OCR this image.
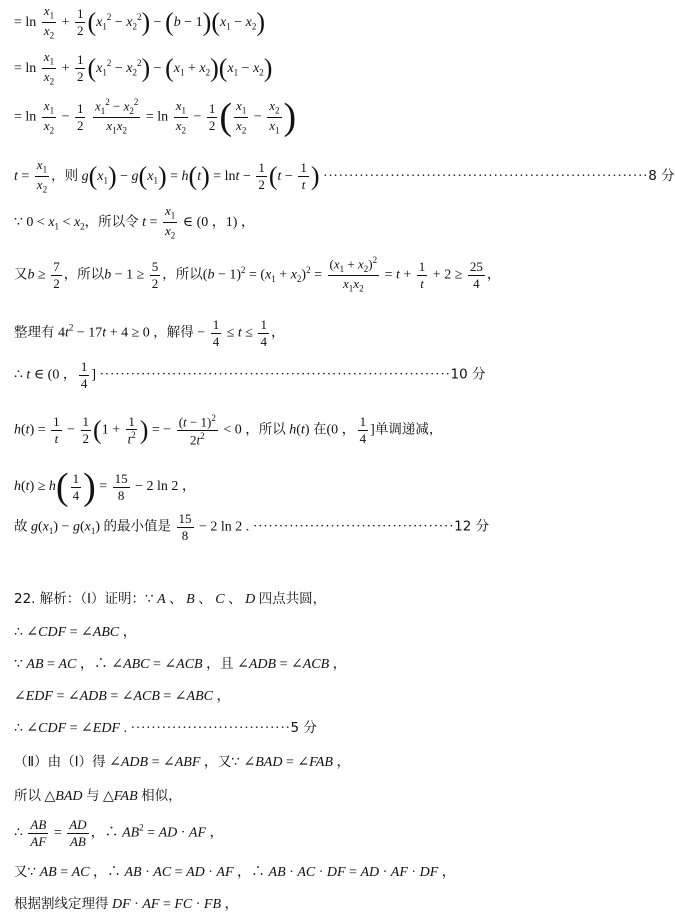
= $\ln \frac{x_1}{x_2} + \frac{1}{2} (x_1^2 - x_2^2) - (b - 1)(x_1 - x_2)$
= $\ln \frac{x_1}{x_2} + \frac{1}{2} (x_1^2 - x_2^2) - (x_1 + x_2)(x_1 - x_2)$
= $\ln \frac{x_1}{x_2} - \frac{1}{2}$
$\frac{x_1^2 - x_2^2}{x_1x_2} = \ln \frac{x_1}{x_2} - \frac{1}{2}$ ( $\frac{x_1}{x_2} - \frac{x_2}{x_1}$ )
$t = \frac{x_1}{x_2}$ ，则 $g(x_1) - g(x_1) = h(t) = \ln t - \frac{1}{2} (t - \frac{1}{t}$ ) ·······························································8 分
∵ $0 < x_1 < x_2$，所以令 $t = \frac{x_1}{x_2}$ ∈ (0 ，1) ，
又$b \ge \frac{7}{2}$ ，所以$b - 1 \ge \frac{5}{2}$ ，所以$(b - 1)^2 = (x_1 + x_2)^2 = \frac{(x_1 + x_2)^2}{x_1x_2} = t + \frac{1}{t} + 2 \ge \frac{25}{4}$ ，
整理有 $4t^2 - 17t + 4 \ge 0$ ，解得 − $\frac{1}{4} \le t \le \frac{1}{4}$ ，
∴ t ∈ (0 ， $\frac{1}{4}$ ] ····································································10 分
$h(t) = \frac{1}{t} - \frac{1}{2} (1 + \frac{1}{t^2}$ ) = − $\frac{(t - 1)^2}{2t^2} < 0$ ，所以 h(t) 在(0 ， $\frac{1}{4}$ ]单调递减，
$h(t) \ge h( \frac{1}{4}$ ) = $\frac{15}{8} - 2$ ln 2 ，
故 $g(x_1) - g(x_1)$ 的最小值是 $\frac{15}{8} - 2$ ln 2 . ·······································12 分
22. 解析：（Ⅰ）证明：∵ A 、 B 、 C 、 D 四点共圆，
∴ ∠CDF = ∠ABC ，
∵ AB = AC ，∴ ∠ABC = ∠ACB ，且 ∠ADB = ∠ACB ，
∠EDF = ∠ADB = ∠ACB = ∠ABC ，
∴ ∠CDF = ∠EDF . ·······························5 分
（Ⅱ）由（Ⅰ）得 ∠ADB = ∠ABF ，又∵ ∠BAD = ∠FAB ，
所以 △BAD 与 △FAB 相似，
∴ $\frac{AB}{AF} = \frac{AD}{AB}$ ，∴ $AB^2$ = AD · AF ，
又∵ AB = AC ，∴ AB · AC = AD · AF ，∴ AB · AC · DF = AD · AF · DF ，
根据割线定理得 DF · AF = FC · FB ，
